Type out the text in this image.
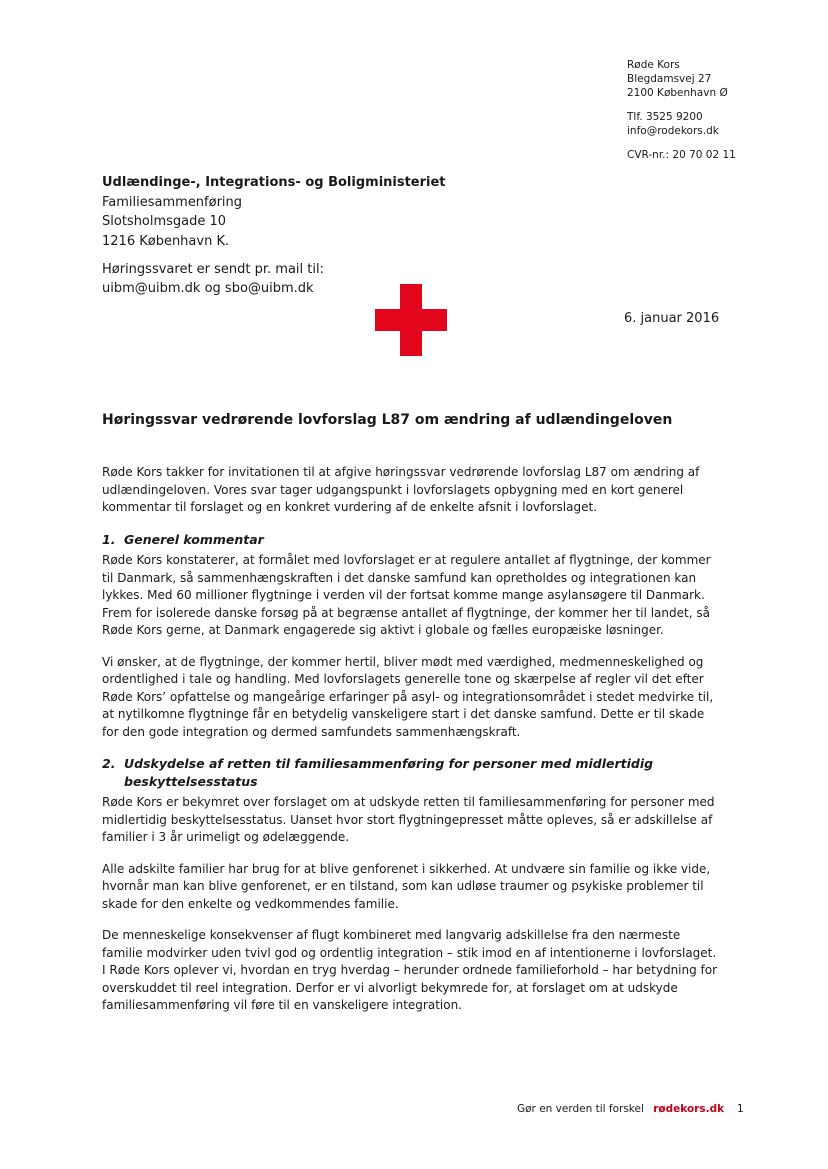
Røde Kors
Blegdamsvej 27
2100 København Ø
Tlf. 3525 9200
info@rodekors.dk
CVR-nr.: 20 70 02 11
Udlændinge-, Integrations- og Boligministeriet
Familiesammenføring
Slotsholmsgade 10
1216 København K.
Høringssvaret er sendt pr. mail til:
uibm@uibm.dk og sbo@uibm.dk
6. januar 2016
Høringssvar vedrørende lovforslag L87 om ændring af udlændingeloven

Røde Kors takker for invitationen til at afgive høringssvar vedrørende lovforslag L87 om ændring af udlændingeloven. Vores svar tager udgangspunkt i lovforslagets opbygning med en kort generel kommentar til forslaget og en konkret vurdering af de enkelte afsnit i lovforslaget.

1. Generel kommentar

Røde Kors konstaterer, at formålet med lovforslaget er at regulere antallet af flygtninge, der kommer til Danmark, så sammenhængskraften i det danske samfund kan opretholdes og integrationen kan lykkes. Med 60 millioner flygtninge i verden vil der fortsat komme mange asylansøgere til Danmark. Frem for isolerede danske forsøg på at begrænse antallet af flygtninge, der kommer her til landet, så Røde Kors gerne, at Danmark engagerede sig aktivt i globale og fælles europæiske løsninger.

Vi ønsker, at de flygtninge, der kommer hertil, bliver mødt med værdighed, medmenneskelighed og ordentlighed i tale og handling. Med lovforslagets generelle tone og skærpelse af regler vil det efter Røde Kors’ opfattelse og mangeårige erfaringer på asyl- og integrationsområdet i stedet medvirke til, at nytilkomne flygtninge får en betydelig vanskeligere start i det danske samfund. Dette er til skade for den gode integration og dermed samfundets sammenhængskraft.

2. Udskydelse af retten til familiesammenføring for personer med midlertidig beskyttelsesstatus

Røde Kors er bekymret over forslaget om at udskyde retten til familiesammenføring for personer med midlertidig beskyttelsesstatus. Uanset hvor stort flygtningepresset måtte opleves, så er adskillelse af familier i 3 år urimeligt og ødelæggende.

Alle adskilte familier har brug for at blive genforenet i sikkerhed. At undvære sin familie og ikke vide, hvornår man kan blive genforenet, er en tilstand, som kan udløse traumer og psykiske problemer til skade for den enkelte og vedkommendes familie.

De menneskelige konsekvenser af flugt kombineret med langvarig adskillelse fra den nærmeste familie modvirker uden tvivl god og ordentlig integration – stik imod en af intentionerne i lovforslaget. I Røde Kors oplever vi, hvordan en tryg hverdag – herunder ordnede familieforhold – har betydning for overskuddet til reel integration. Derfor er vi alvorligt bekymrede for, at forslaget om at udskyde familiesammenføring vil føre til en vanskeligere integration.

Gør en verden til forskel rødekors.dk 1
